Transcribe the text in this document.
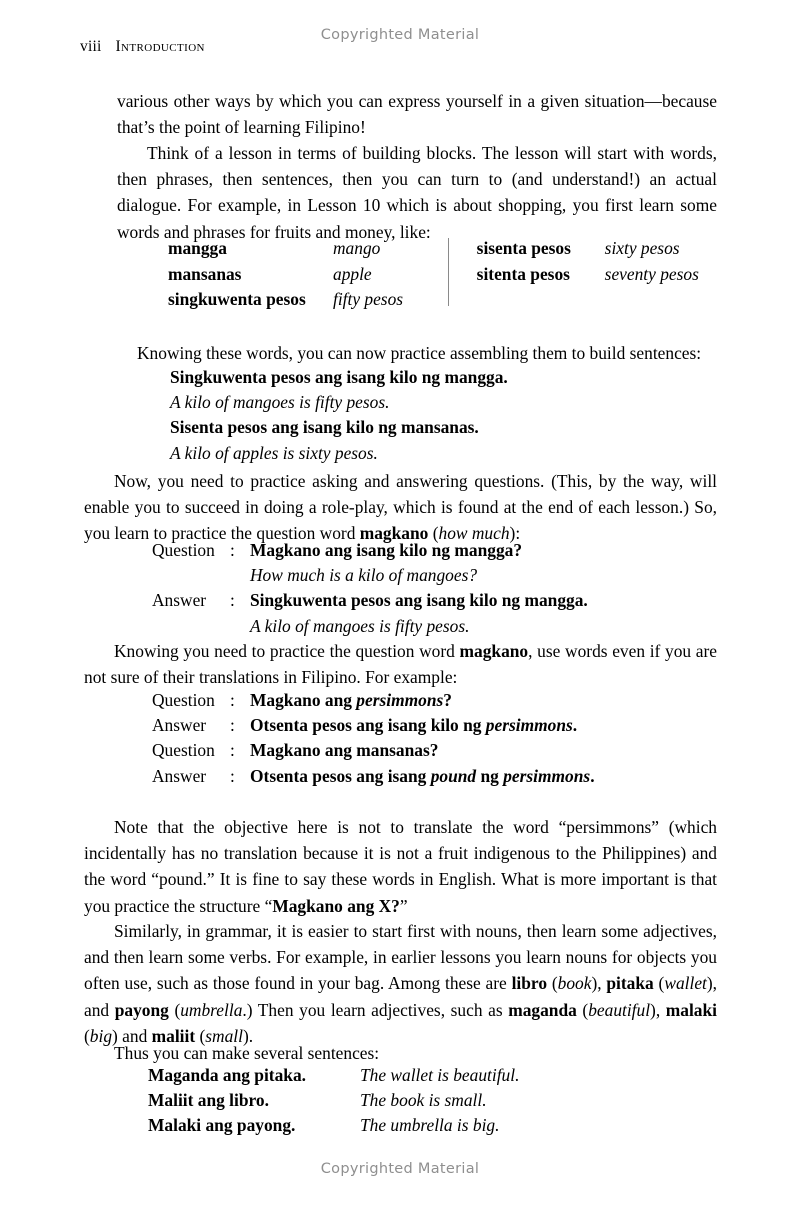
Copyrighted Material
viii Introduction
various other ways by which you can express yourself in a given situation—because that’s the point of learning Filipino!
Think of a lesson in terms of building blocks. The lesson will start with words, then phrases, then sentences, then you can turn to (and understand!) an actual dialogue. For example, in Lesson 10 which is about shopping, you first learn some words and phrases for fruits and money, like:
mangga	mango
mansanas	apple
singkuwenta pesos	fifty pesos
sisenta pesos	sixty pesos
sitenta pesos	seventy pesos
Knowing these words, you can now practice assembling them to build sentences:
Singkuwenta pesos ang isang kilo ng mangga.
A kilo of mangoes is fifty pesos.
Sisenta pesos ang isang kilo ng mansanas.
A kilo of apples is sixty pesos.
Now, you need to practice asking and answering questions. (This, by the way, will enable you to succeed in doing a role-play, which is found at the end of each lesson.) So, you learn to practice the question word magkano (how much):
Question : Magkano ang isang kilo ng mangga?
How much is a kilo of mangoes?
Answer	: Singkuwenta pesos ang isang kilo ng mangga.
A kilo of mangoes is fifty pesos.
Knowing you need to practice the question word magkano, use words even if you are not sure of their translations in Filipino. For example:
Question : Magkano ang persimmons?
Answer	: Otsenta pesos ang isang kilo ng persimmons.
Question : Magkano ang mansanas?
Answer	: Otsenta pesos ang isang pound ng persimmons.
Note that the objective here is not to translate the word “persimmons” (which incidentally has no translation because it is not a fruit indigenous to the Philippines) and the word “pound.” It is fine to say these words in English. What is more important is that you practice the structure “Magkano ang X?”
Similarly, in grammar, it is easier to start first with nouns, then learn some adjectives, and then learn some verbs. For example, in earlier lessons you learn nouns for objects you often use, such as those found in your bag. Among these are libro (book), pitaka (wallet), and payong (umbrella.) Then you learn adjectives, such as maganda (beautiful), malaki (big) and maliit (small).
Thus you can make several sentences:
Maganda ang pitaka.	The wallet is beautiful.
Maliit ang libro.	The book is small.
Malaki ang payong.	The umbrella is big.
Copyrighted Material
